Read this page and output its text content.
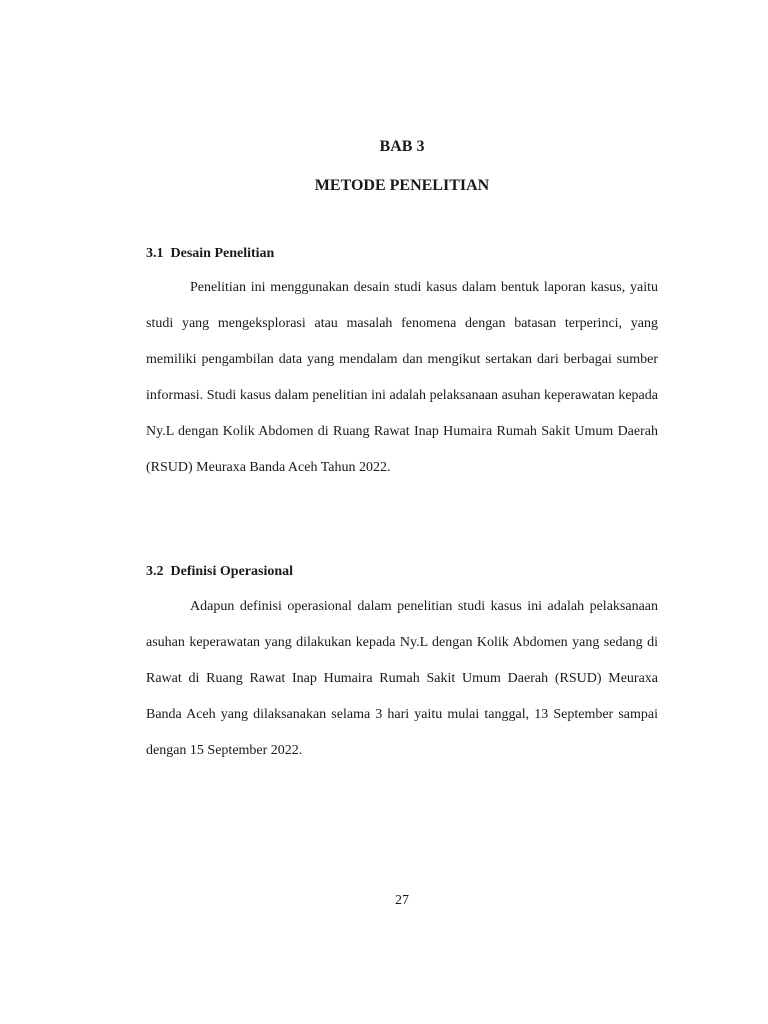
BAB 3
METODE PENELITIAN
3.1  Desain Penelitian

Penelitian ini menggunakan desain studi kasus dalam bentuk laporan kasus, yaitu studi yang mengeksplorasi atau masalah fenomena dengan batasan terperinci, yang memiliki pengambilan data yang mendalam dan mengikut sertakan dari berbagai sumber informasi. Studi kasus dalam penelitian ini adalah pelaksanaan asuhan keperawatan kepada Ny.L dengan Kolik Abdomen di Ruang Rawat Inap Humaira Rumah Sakit Umum Daerah (RSUD) Meuraxa Banda Aceh Tahun 2022.

3.2  Definisi Operasional

Adapun definisi operasional dalam penelitian studi kasus ini adalah pelaksanaan asuhan keperawatan yang dilakukan kepada Ny.L dengan Kolik Abdomen yang sedang di Rawat di Ruang Rawat Inap Humaira Rumah Sakit Umum Daerah (RSUD) Meuraxa Banda Aceh yang dilaksanakan selama 3 hari yaitu mulai tanggal, 13 September sampai dengan 15 September 2022.

27
